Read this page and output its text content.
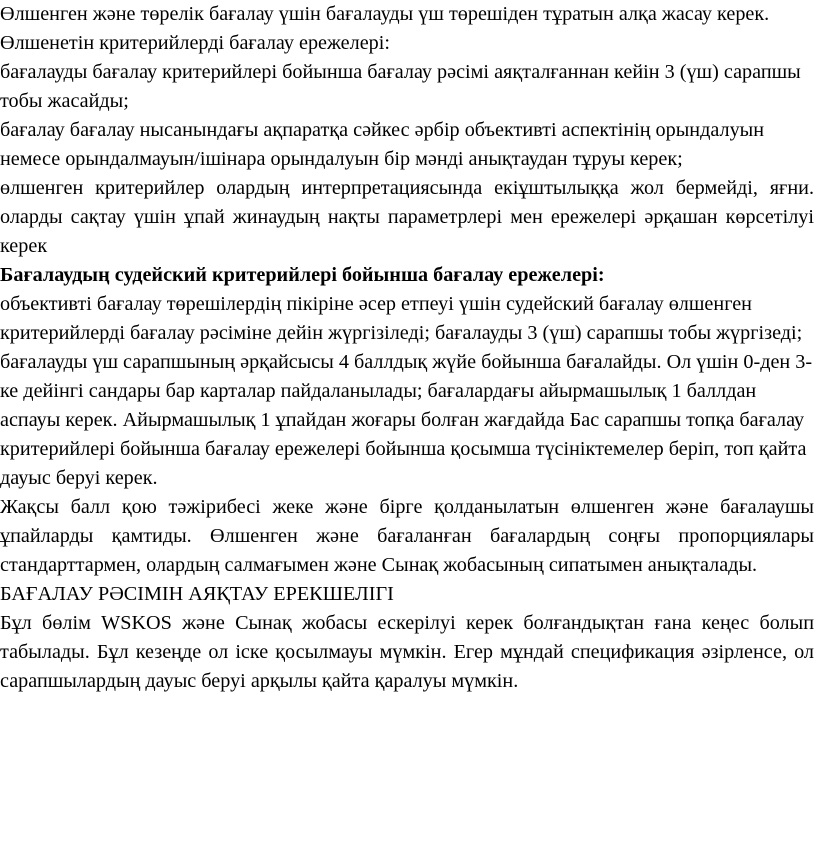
Өлшенген және төрелік бағалау үшін бағалауды үш төрешіден тұратын алқа жасау керек.

Өлшенетін критерийлерді бағалау ережелері:

бағалауды бағалау критерийлері бойынша бағалау рәсімі аяқталғаннан кейін 3 (үш) сарапшы тобы жасайды;

бағалау бағалау нысанындағы ақпаратқа сәйкес әрбір объективті аспектінің орындалуын немесе орындалмауын/ішінара орындалуын бір мәнді анықтаудан тұруы керек;

өлшенген критерийлер олардың интерпретациясында екіұштылыққа жол бермейді, яғни. оларды сақтау үшін ұпай жинаудың нақты параметрлері мен ережелері әрқашан көрсетілуі керек

Бағалаудың судейский критерийлері бойынша бағалау ережелері:

объективті бағалау төрешілердің пікіріне әсер етпеуі үшін судейский бағалау өлшенген критерийлерді бағалау рәсіміне дейін жүргізіледі; бағалауды 3 (үш) сарапшы тобы жүргізеді; бағалауды үш сарапшының әрқайсысы 4 баллдық жүйе бойынша бағалайды. Ол үшін 0-ден 3-ке дейінгі сандары бар карталар пайдаланылады; бағалардағы айырмашылық 1 баллдан аспауы керек. Айырмашылық 1 ұпайдан жоғары болған жағдайда Бас сарапшы топқа бағалау критерийлері бойынша бағалау ережелері бойынша қосымша түсініктемелер беріп, топ қайта дауыс беруі керек.

Жақсы балл қою тәжірибесі жеке және бірге қолданылатын өлшенген және бағалаушы ұпайларды қамтиды. Өлшенген және бағаланған бағалардың соңғы пропорциялары стандарттармен, олардың салмағымен және Сынақ жобасының сипатымен анықталады.

БАҒАЛАУ РӘСІМІН АЯҚТАУ ЕРЕКШЕЛІГІ

Бұл бөлім WSKOS және Сынақ жобасы ескерілуі керек болғандықтан ғана кеңес болып табылады. Бұл кезеңде ол іске қосылмауы мүмкін. Егер мұндай спецификация әзірленсе, ол сарапшылардың дауыс беруі арқылы қайта қаралуы мүмкін.
